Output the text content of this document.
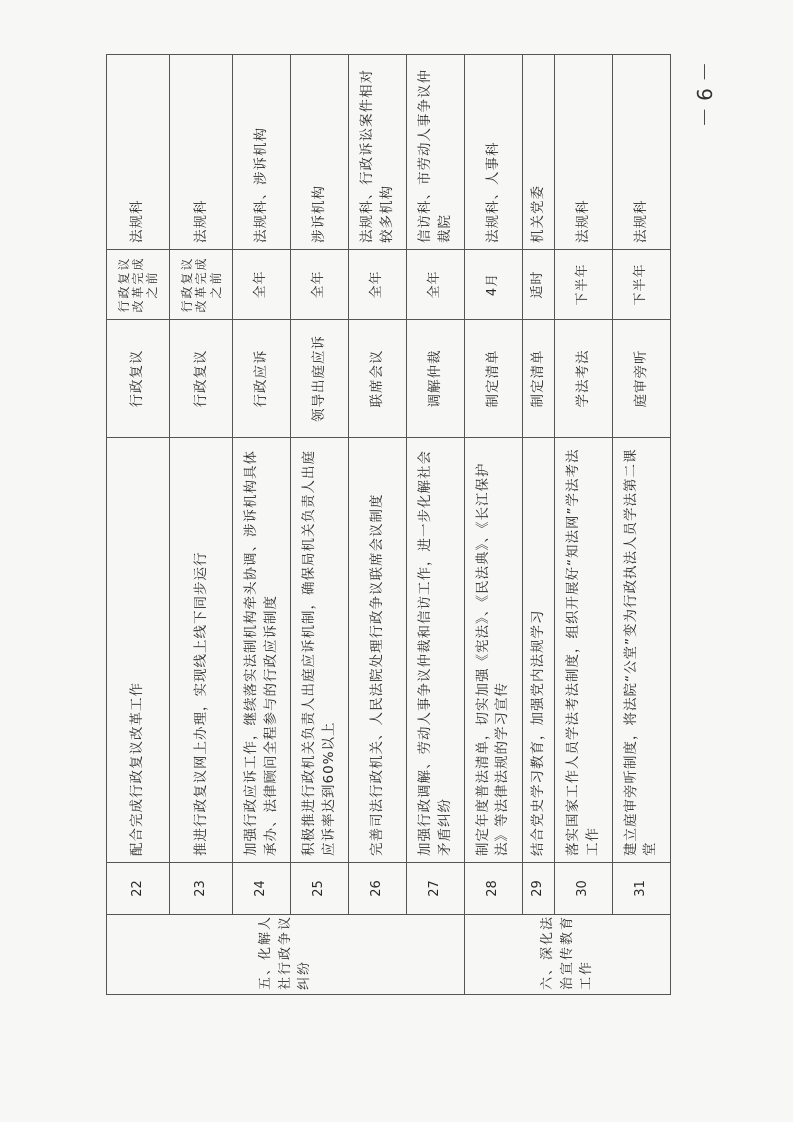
－ 9 －
五、化解人社行政争议纠纷	22	配合完成行政复议改革工作	行政复议	行政复议改革完成之前	法规科
	23	推进行政复议网上办理，实现线上线下同步运行	行政复议	行政复议改革完成之前	法规科
	24	加强行政应诉工作，继续落实法制机构牵头协调、涉诉机构具体承办、法律顾问全程参与的行政应诉制度	行政应诉	全年	法规科、涉诉机构
	25	积极推进行政机关负责人出庭应诉机制，确保局机关负责人出庭应诉率达到60%以上	领导出庭应诉	全年	涉诉机构
	26	完善司法行政机关、人民法院处理行政争议联席会议制度	联席会议	全年	法规科、行政诉讼案件相对较多机构
	27	加强行政调解、劳动人事争议仲裁和信访工作，进一步化解社会矛盾纠纷	调解仲裁	全年	信访科、市劳动人事争议仲裁院
六、深化法治宣传教育工作	28	制定年度普法清单，切实加强《宪法》、《民法典》、《长江保护法》等法律法规的学习宣传	制定清单	4月	法规科、人事科
	29	结合党史学习教育，加强党内法规学习	制定清单	适时	机关党委
	30	落实国家工作人员学法考法制度，组织开展好“知法网”学法考法工作	学法考法	下半年	法规科
	31	建立庭审旁听制度，将法院“公堂”变为行政执法人员学法第二课堂	庭审旁听	下半年	法规科
